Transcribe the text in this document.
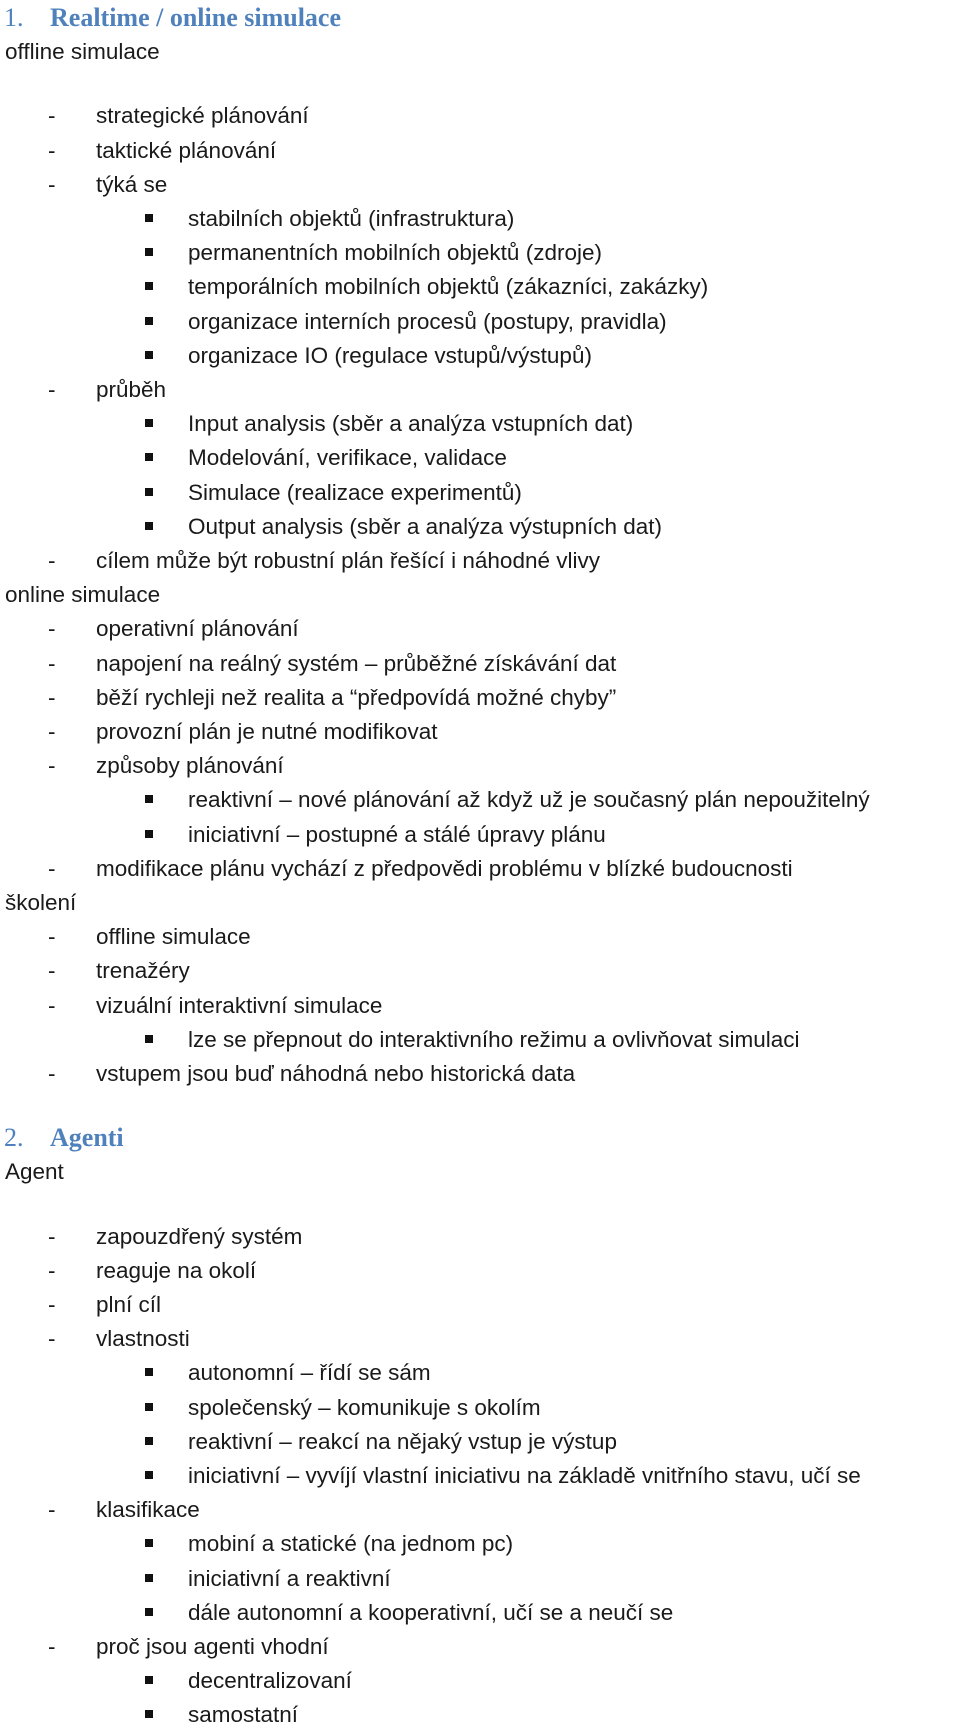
1. Realtime / online simulace
offline simulace
- strategické plánování
- taktické plánování
- týká se
stabilních objektů (infrastruktura)
permanentních mobilních objektů (zdroje)
temporálních mobilních objektů (zákazníci, zakázky)
organizace interních procesů (postupy, pravidla)
organizace IO (regulace vstupů/výstupů)
- průběh
Input analysis (sběr a analýza vstupních dat)
Modelování, verifikace, validace
Simulace (realizace experimentů)
Output analysis (sběr a analýza výstupních dat)
- cílem může být robustní plán řešící i náhodné vlivy
online simulace
- operativní plánování
- napojení na reálný systém – průběžné získávání dat
- běží rychleji než realita a “předpovídá možné chyby”
- provozní plán je nutné modifikovat
- způsoby plánování
reaktivní – nové plánování až když už je současný plán nepoužitelný
iniciativní – postupné a stálé úpravy plánu
- modifikace plánu vychází z předpovědi problému v blízké budoucnosti
školení
- offline simulace
- trenažéry
- vizuální interaktivní simulace
lze se přepnout do interaktivního režimu a ovlivňovat simulaci
- vstupem jsou buď náhodná nebo historická data
2. Agenti
Agent
- zapouzdřený systém
- reaguje na okolí
- plní cíl
- vlastnosti
autonomní – řídí se sám
společenský – komunikuje s okolím
reaktivní – reakcí na nějaký vstup je výstup
iniciativní – vyvíjí vlastní iniciativu na základě vnitřního stavu, učí se
- klasifikace
mobiní a statické (na jednom pc)
iniciativní a reaktivní
dále autonomní a kooperativní, učí se a neučí se
- proč jsou agenti vhodní
decentralizovaní
samostatní
